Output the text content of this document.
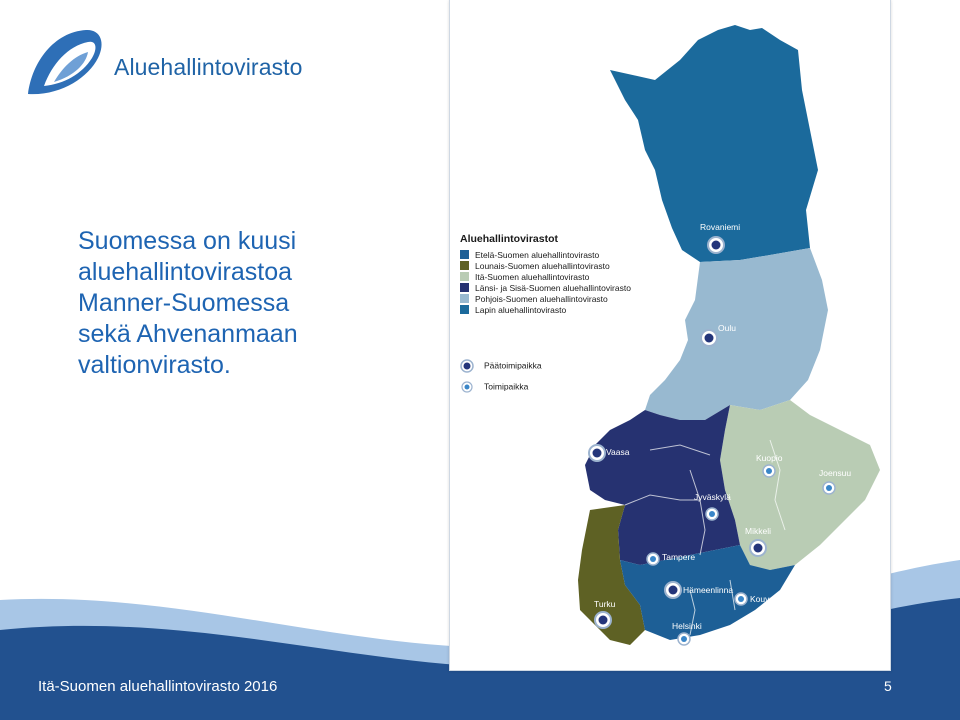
Aluehallintovirasto
Suomessa on kuusi
aluehallintovirastoa
Manner-Suomessa
sekä Ahvenanmaan
valtionvirasto.
Aluehallintovirastot
Etelä-Suomen aluehallintovirasto
Lounais-Suomen aluehallintovirasto
Itä-Suomen aluehallintovirasto
Länsi- ja Sisä-Suomen aluehallintovirasto
Pohjois-Suomen aluehallintovirasto
Lapin aluehallintovirasto
Päätoimipaikka
Toimipaikka
Rovaniemi
Oulu
Vaasa
Kuopio
Joensuu
Jyväskylä
Mikkeli
Tampere
Hämeenlinna
Kouvola
Turku
Helsinki
Itä-Suomen aluehallintovirasto 2016	5
